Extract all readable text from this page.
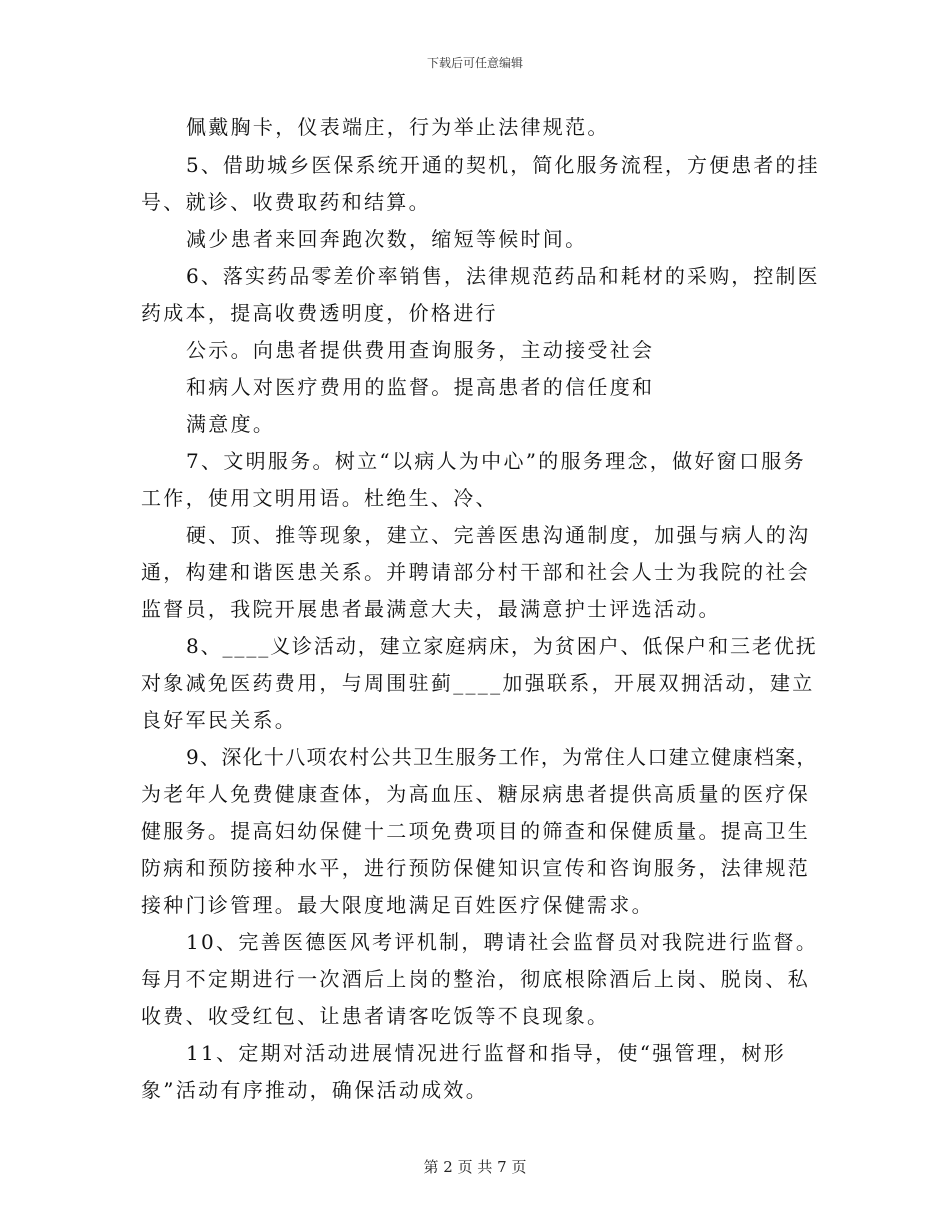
下载后可任意编辑
佩戴胸卡，仪表端庄，行为举止法律规范。
5、借助城乡医保系统开通的契机，简化服务流程，方便患者的挂
号、就诊、收费取药和结算。
减少患者来回奔跑次数，缩短等候时间。
6、落实药品零差价率销售，法律规范药品和耗材的采购，控制医
药成本，提高收费透明度，价格进行
公示。向患者提供费用查询服务，主动接受社会
和病人对医疗费用的监督。提高患者的信任度和
满意度。
7、文明服务。树立“以病人为中心”的服务理念，做好窗口服务
工作，使用文明用语。杜绝生、冷、
硬、顶、推等现象，建立、完善医患沟通制度，加强与病人的沟
通，构建和谐医患关系。并聘请部分村干部和社会人士为我院的社会
监督员，我院开展患者最满意大夫，最满意护士评选活动。
8、____义诊活动，建立家庭病床，为贫困户、低保户和三老优抚
对象减免医药费用，与周围驻蓟____加强联系，开展双拥活动，建立
良好军民关系。
9、深化十八项农村公共卫生服务工作，为常住人口建立健康档案，
为老年人免费健康查体，为高血压、糖尿病患者提供高质量的医疗保
健服务。提高妇幼保健十二项免费项目的筛查和保健质量。提高卫生
防病和预防接种水平，进行预防保健知识宣传和咨询服务，法律规范
接种门诊管理。最大限度地满足百姓医疗保健需求。
10、完善医德医风考评机制，聘请社会监督员对我院进行监督。
每月不定期进行一次酒后上岗的整治，彻底根除酒后上岗、脱岗、私
收费、收受红包、让患者请客吃饭等不良现象。
11、定期对活动进展情况进行监督和指导，使“强管理，树形
象”活动有序推动，确保活动成效。
第 2 页 共 7 页
